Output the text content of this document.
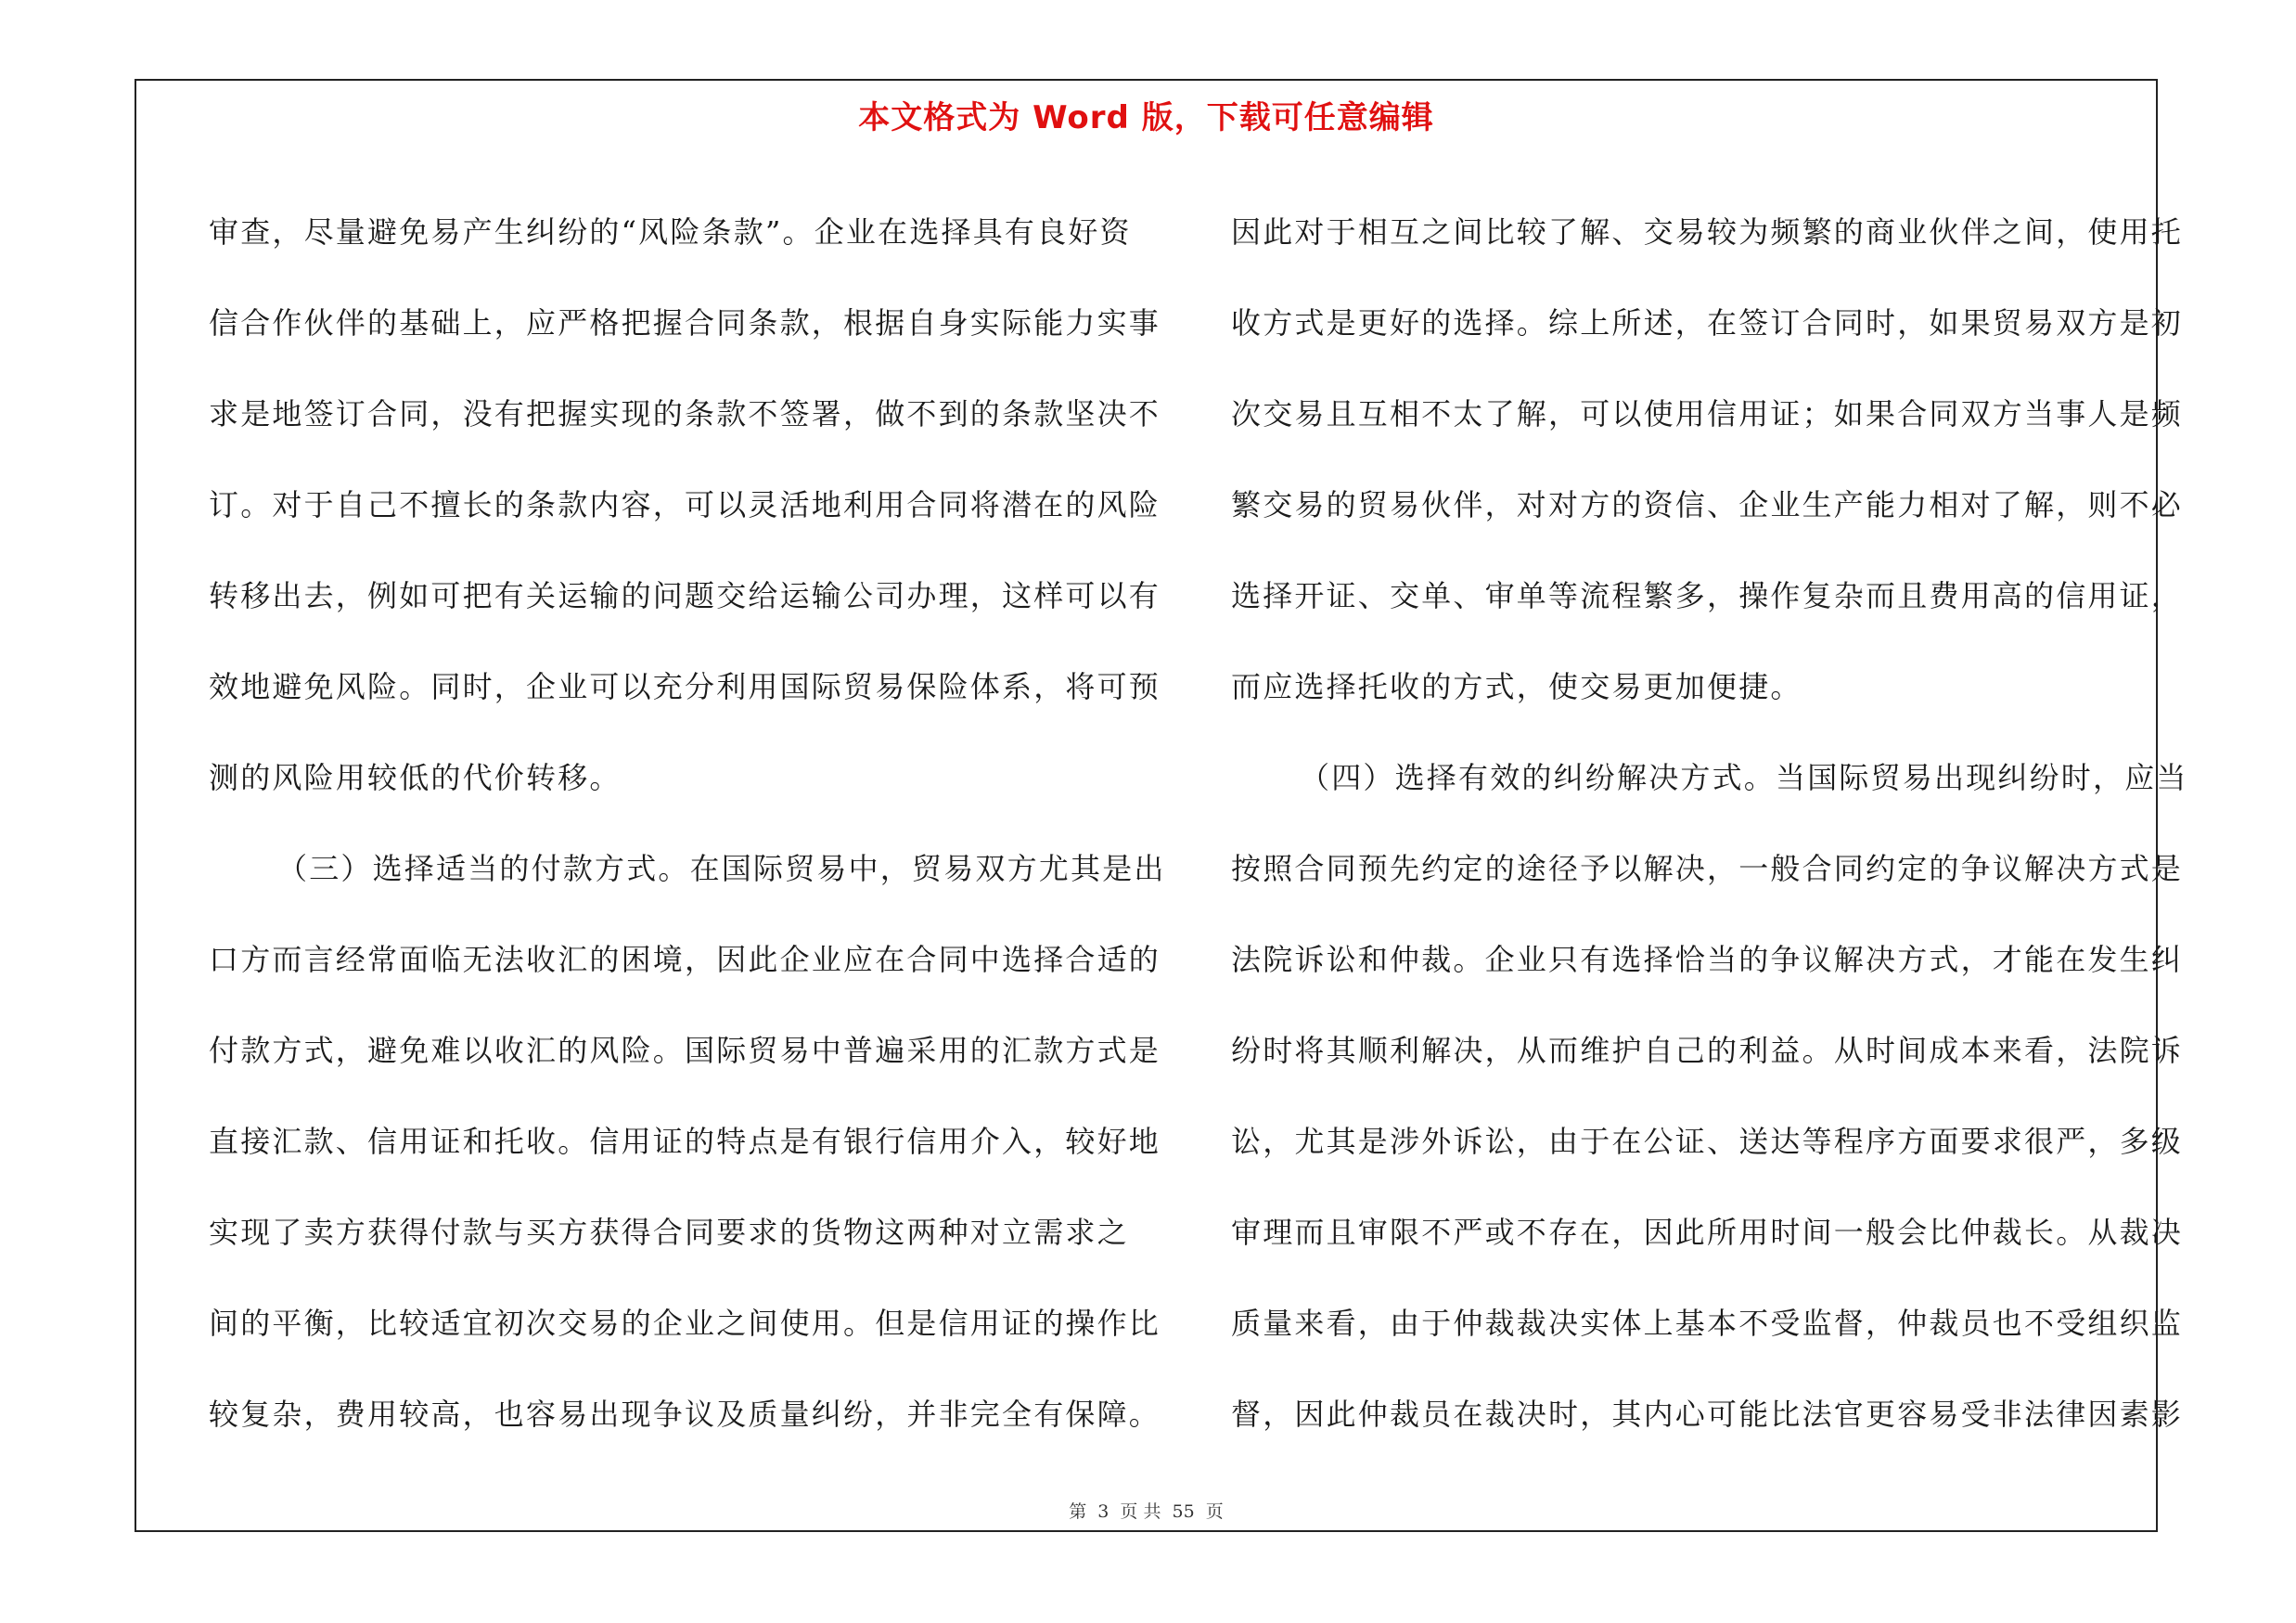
本文格式为 Word 版，下载可任意编辑
审查，尽量避免易产生纠纷的“风险条款”。企业在选择具有良好资
信合作伙伴的基础上，应严格把握合同条款，根据自身实际能力实事
求是地签订合同，没有把握实现的条款不签署，做不到的条款坚决不
订。对于自己不擅长的条款内容，可以灵活地利用合同将潜在的风险
转移出去，例如可把有关运输的问题交给运输公司办理，这样可以有
效地避免风险。同时，企业可以充分利用国际贸易保险体系，将可预
测的风险用较低的代价转移。
（三）选择适当的付款方式。在国际贸易中，贸易双方尤其是出
口方而言经常面临无法收汇的困境，因此企业应在合同中选择合适的
付款方式，避免难以收汇的风险。国际贸易中普遍采用的汇款方式是
直接汇款、信用证和托收。信用证的特点是有银行信用介入，较好地
实现了卖方获得付款与买方获得合同要求的货物这两种对立需求之
间的平衡，比较适宜初次交易的企业之间使用。但是信用证的操作比
较复杂，费用较高，也容易出现争议及质量纠纷，并非完全有保障。
因此对于相互之间比较了解、交易较为频繁的商业伙伴之间，使用托
收方式是更好的选择。综上所述，在签订合同时，如果贸易双方是初
次交易且互相不太了解，可以使用信用证；如果合同双方当事人是频
繁交易的贸易伙伴，对对方的资信、企业生产能力相对了解，则不必
选择开证、交单、审单等流程繁多，操作复杂而且费用高的信用证，
而应选择托收的方式，使交易更加便捷。
（四）选择有效的纠纷解决方式。当国际贸易出现纠纷时，应当
按照合同预先约定的途径予以解决，一般合同约定的争议解决方式是
法院诉讼和仲裁。企业只有选择恰当的争议解决方式，才能在发生纠
纷时将其顺利解决，从而维护自己的利益。从时间成本来看，法院诉
讼，尤其是涉外诉讼，由于在公证、送达等程序方面要求很严，多级
审理而且审限不严或不存在，因此所用时间一般会比仲裁长。从裁决
质量来看，由于仲裁裁决实体上基本不受监督，仲裁员也不受组织监
督，因此仲裁员在裁决时，其内心可能比法官更容易受非法律因素影
第 3 页 共 55 页
